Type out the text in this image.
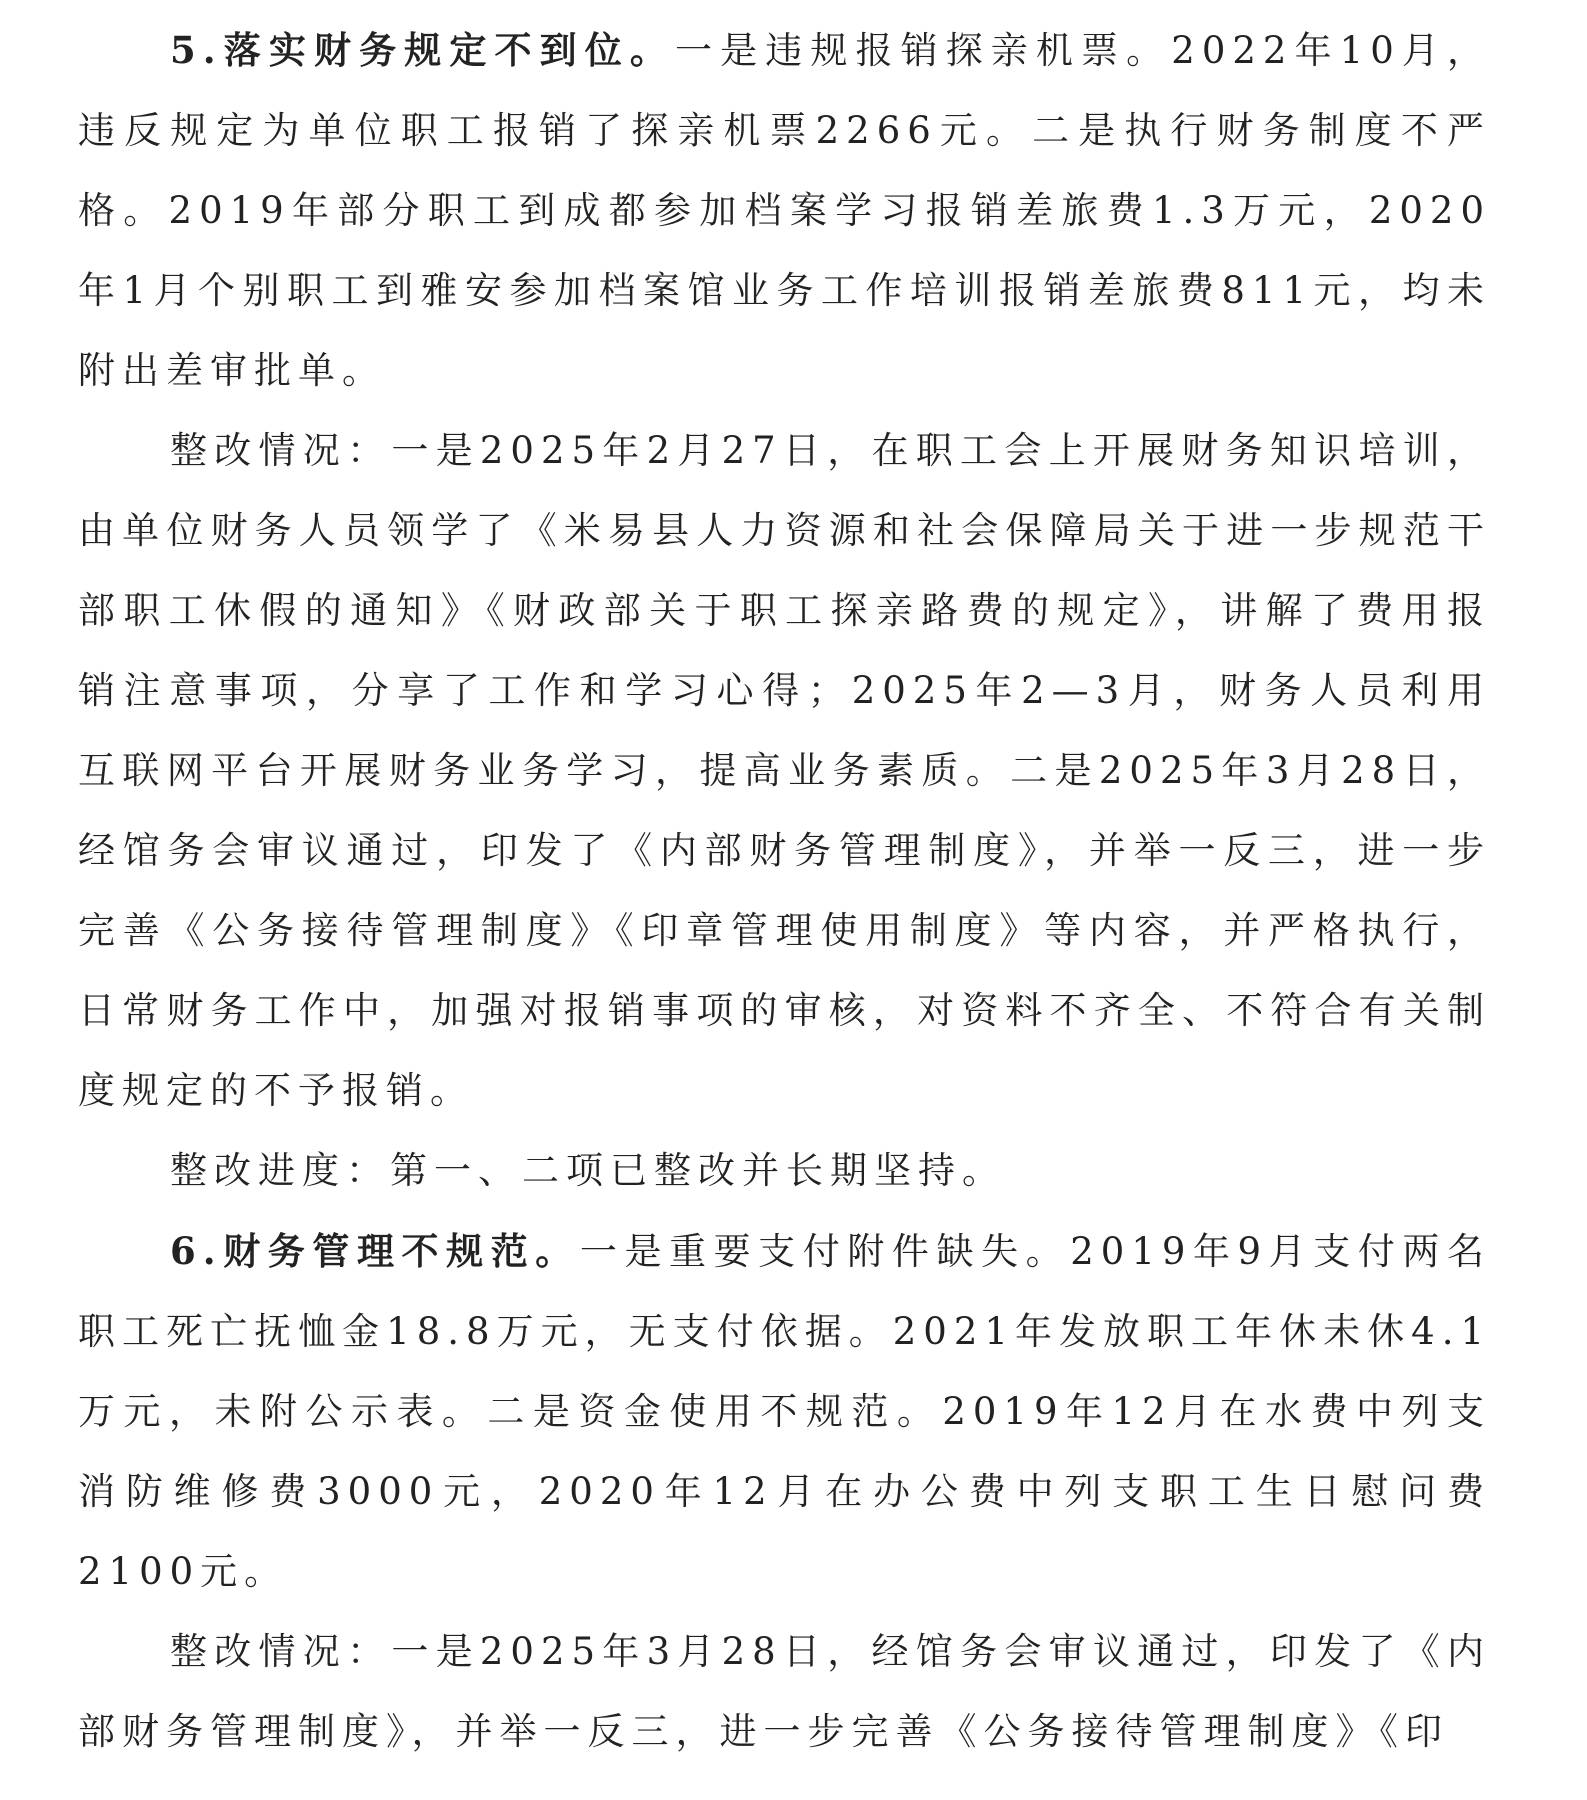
5.落实财务规定不到位。一是违规报销探亲机票。2022年10月，违反规定为单位职工报销了探亲机票2266元。二是执行财务制度不严格。2019年部分职工到成都参加档案学习报销差旅费1.3万元，2020年1月个别职工到雅安参加档案馆业务工作培训报销差旅费811元，均未附出差审批单。

整改情况：一是2025年2月27日，在职工会上开展财务知识培训，由单位财务人员领学了《米易县人力资源和社会保障局关于进一步规范干部职工休假的通知》《财政部关于职工探亲路费的规定》，讲解了费用报销注意事项，分享了工作和学习心得；2025年2—3月，财务人员利用互联网平台开展财务业务学习，提高业务素质。二是2025年3月28日，经馆务会审议通过，印发了《内部财务管理制度》，并举一反三，进一步完善《公务接待管理制度》《印章管理使用制度》等内容，并严格执行，日常财务工作中，加强对报销事项的审核，对资料不齐全、不符合有关制度规定的不予报销。

整改进度：第一、二项已整改并长期坚持。

6.财务管理不规范。一是重要支付附件缺失。2019年9月支付两名职工死亡抚恤金18.8万元，无支付依据。2021年发放职工年休未休4.1万元，未附公示表。二是资金使用不规范。2019年12月在水费中列支消防维修费3000元，2020年12月在办公费中列支职工生日慰问费2100元。

整改情况：一是2025年3月28日，经馆务会审议通过，印发了《内部财务管理制度》，并举一反三，进一步完善《公务接待管理制度》《印
